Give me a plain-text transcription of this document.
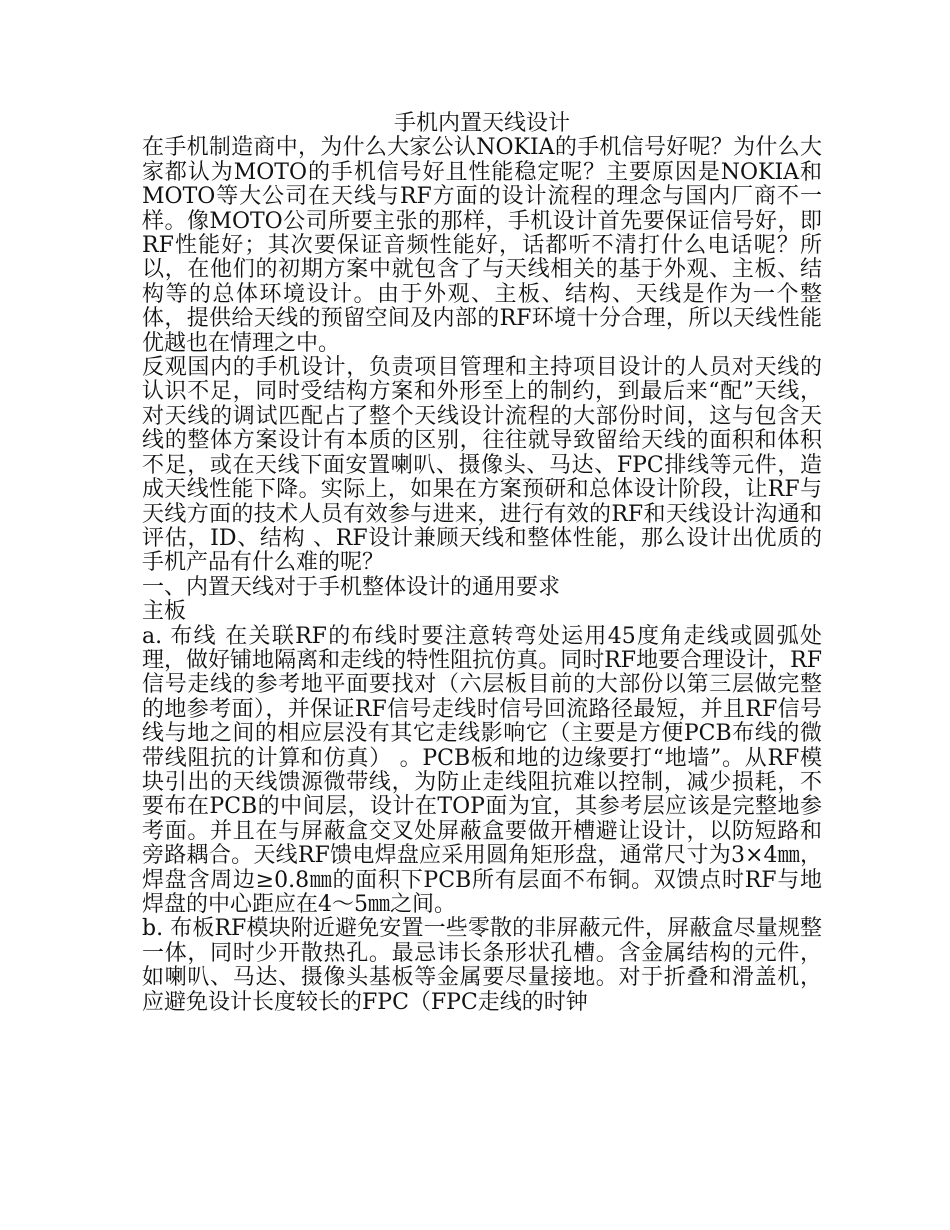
手机内置天线设计

在手机制造商中，为什么大家公认NOKIA的手机信号好呢？为什么大家都认为MOTO的手机信号好且性能稳定呢？主要原因是NOKIA和MOTO等大公司在天线与RF方面的设计流程的理念与国内厂商不一样。像MOTO公司所要主张的那样，手机设计首先要保证信号好，即RF性能好；其次要保证音频性能好，话都听不清打什么电话呢？所以，在他们的初期方案中就包含了与天线相关的基于外观、主板、结构等的总体环境设计。由于外观、主板、结构、天线是作为一个整体，提供给天线的预留空间及内部的RF环境十分合理，所以天线性能优越也在情理之中。

反观国内的手机设计，负责项目管理和主持项目设计的人员对天线的认识不足，同时受结构方案和外形至上的制约，到最后来“配”天线，对天线的调试匹配占了整个天线设计流程的大部份时间，这与包含天线的整体方案设计有本质的区别，往往就导致留给天线的面积和体积不足，或在天线下面安置喇叭、摄像头、马达、FPC排线等元件，造成天线性能下降。实际上，如果在方案预研和总体设计阶段，让RF与天线方面的技术人员有效参与进来，进行有效的RF和天线设计沟通和评估，ID、结构 、RF设计兼顾天线和整体性能，那么设计出优质的手机产品有什么难的呢？

一、内置天线对于手机整体设计的通用要求

主板

a. 布线 在关联RF的布线时要注意转弯处运用45度角走线或圆弧处理，做好铺地隔离和走线的特性阻抗仿真。同时RF地要合理设计，RF信号走线的参考地平面要找对（六层板目前的大部份以第三层做完整的地参考面），并保证RF信号走线时信号回流路径最短，并且RF信号线与地之间的相应层没有其它走线影响它（主要是方便PCB布线的微带线阻抗的计算和仿真） 。PCB板和地的边缘要打“地墙”。从RF模块引出的天线馈源微带线，为防止走线阻抗难以控制，减少损耗，不要布在PCB的中间层，设计在TOP面为宜，其参考层应该是完整地参考面。并且在与屏蔽盒交叉处屏蔽盒要做开槽避让设计，以防短路和旁路耦合。天线RF馈电焊盘应采用圆角矩形盘，通常尺寸为3×4㎜，焊盘含周边≥0.8㎜的面积下PCB所有层面不布铜。双馈点时RF与地焊盘的中心距应在4～5㎜之间。

b. 布板RF模块附近避免安置一些零散的非屏蔽元件，屏蔽盒尽量规整一体，同时少开散热孔。最忌讳长条形状孔槽。含金属结构的元件，如喇叭、马达、摄像头基板等金属要尽量接地。对于折叠和滑盖机，应避免设计长度较长的FPC（FPC走线的时钟
